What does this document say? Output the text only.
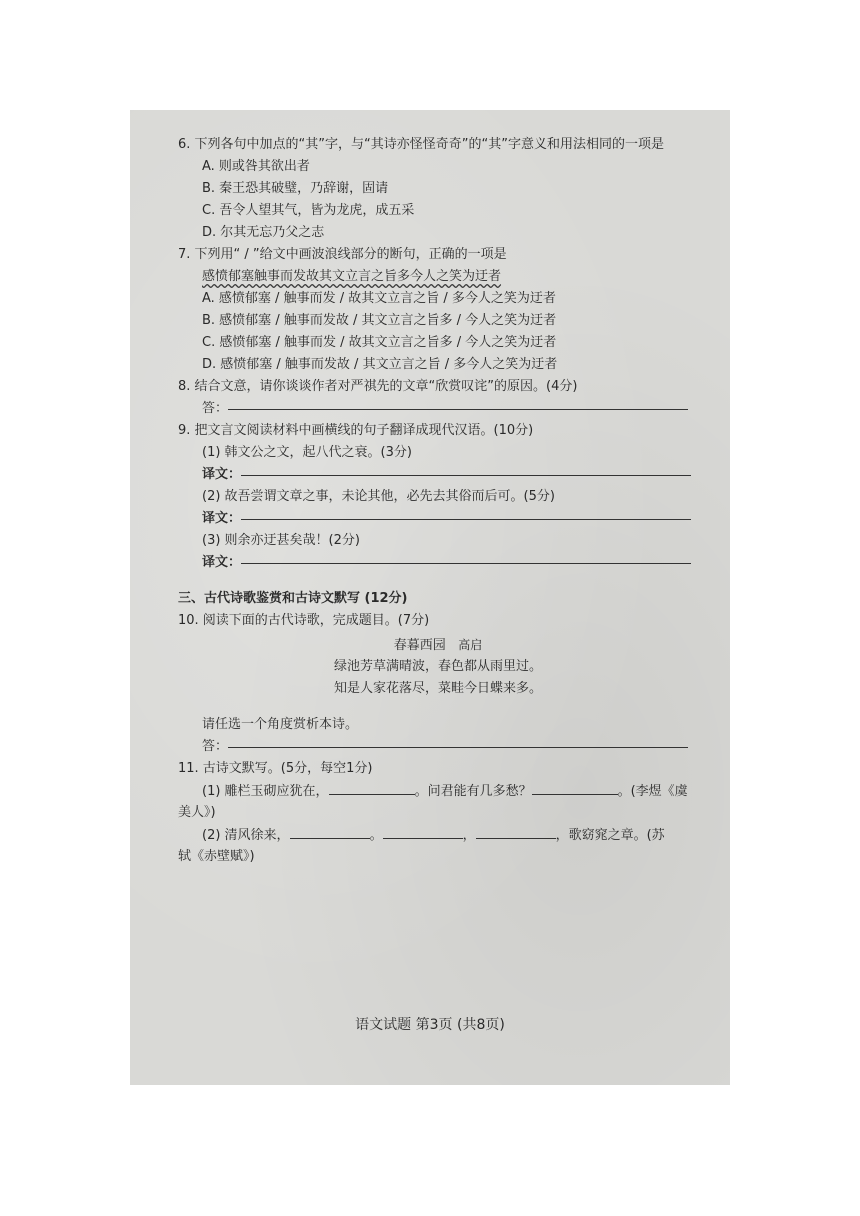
6. 下列各句中加点的“其”字，与“其诗亦怪怪奇奇”的“其”字意义和用法相同的一项是
A. 则或咎其欲出者
B. 秦王恐其破璧，乃辞谢，固请
C. 吾令人望其气，皆为龙虎，成五采
D. 尔其无忘乃父之志
7. 下列用“ / ”给文中画波浪线部分的断句，正确的一项是
感愤郁塞触事而发故其文立言之旨多今人之笑为迂者
A. 感愤郁塞 / 触事而发 / 故其文立言之旨 / 多今人之笑为迂者
B. 感愤郁塞 / 触事而发故 / 其文立言之旨多 / 今人之笑为迂者
C. 感愤郁塞 / 触事而发 / 故其文立言之旨多 / 今人之笑为迂者
D. 感愤郁塞 / 触事而发故 / 其文立言之旨 / 多今人之笑为迂者
8. 结合文意，请你谈谈作者对严祺先的文章“欣赏叹诧”的原因。(4分)
答：
9. 把文言文阅读材料中画横线的句子翻译成现代汉语。(10分)
(1) 韩文公之文，起八代之衰。(3分)
译文：
(2) 故吾尝谓文章之事，未论其他，必先去其俗而后可。(5分)
译文：
(3) 则余亦迂甚矣哉！(2分)
译文：
三、古代诗歌鉴赏和古诗文默写 (12分)
10. 阅读下面的古代诗歌，完成题目。(7分)
春暮西园 高启
绿池芳草满晴波，春色都从雨里过。
知是人家花落尽，菜畦今日蝶来多。
请任选一个角度赏析本诗。
答：
11. 古诗文默写。(5分，每空1分)
(1) 雕栏玉砌应犹在，	。问君能有几多愁？	。(李煜《虞
美人》)
(2) 清风徐来，	。	，	，歌窈窕之章。(苏
轼《赤壁赋》)
语文试题 第3页 (共8页)
